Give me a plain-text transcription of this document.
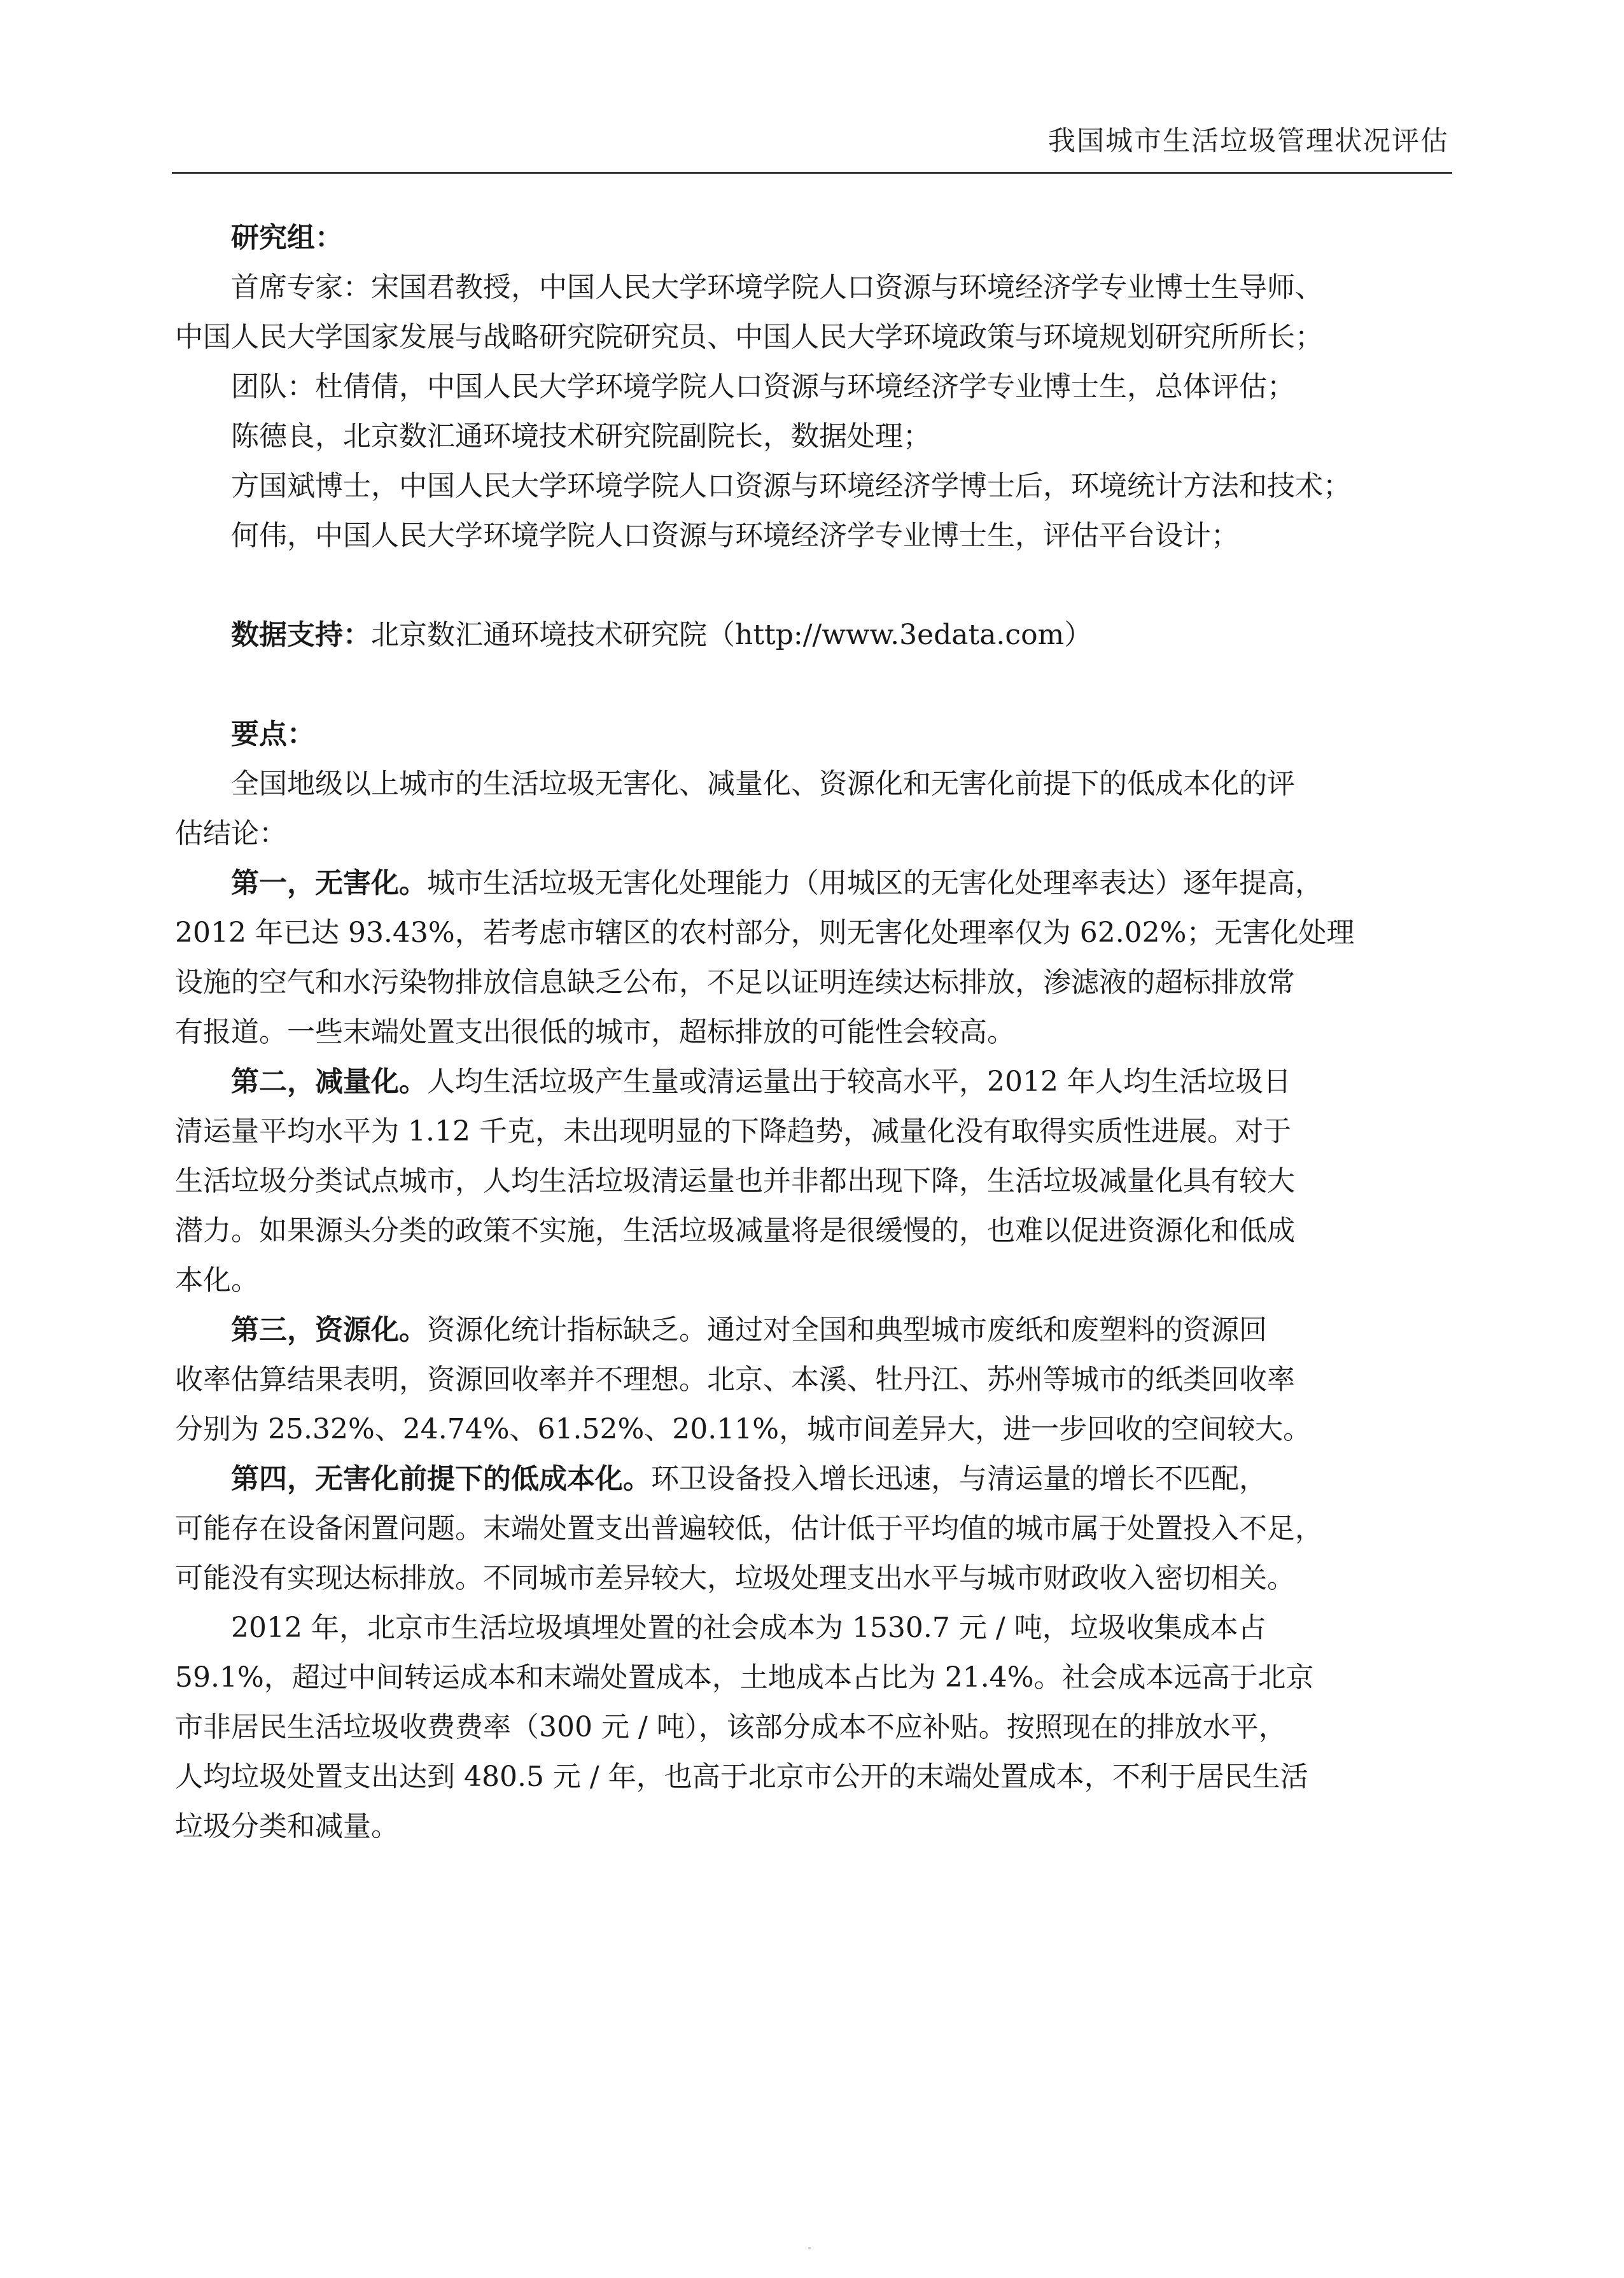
我国城市生活垃圾管理状况评估
研究组：
首席专家：宋国君教授，中国人民大学环境学院人口资源与环境经济学专业博士生导师、
中国人民大学国家发展与战略研究院研究员、中国人民大学环境政策与环境规划研究所所长；
团队：杜倩倩，中国人民大学环境学院人口资源与环境经济学专业博士生，总体评估；
陈德良，北京数汇通环境技术研究院副院长，数据处理；
方国斌博士，中国人民大学环境学院人口资源与环境经济学博士后，环境统计方法和技术；
何伟，中国人民大学环境学院人口资源与环境经济学专业博士生，评估平台设计；
数据支持：北京数汇通环境技术研究院（http://www.3edata.com）
要点：
全国地级以上城市的生活垃圾无害化、减量化、资源化和无害化前提下的低成本化的评
估结论：
第一，无害化。城市生活垃圾无害化处理能力（用城区的无害化处理率表达）逐年提高，
2012 年已达 93.43%，若考虑市辖区的农村部分，则无害化处理率仅为 62.02%；无害化处理
设施的空气和水污染物排放信息缺乏公布，不足以证明连续达标排放，渗滤液的超标排放常
有报道。一些末端处置支出很低的城市，超标排放的可能性会较高。
第二，减量化。人均生活垃圾产生量或清运量出于较高水平，2012 年人均生活垃圾日
清运量平均水平为 1.12 千克，未出现明显的下降趋势，减量化没有取得实质性进展。对于
生活垃圾分类试点城市，人均生活垃圾清运量也并非都出现下降，生活垃圾减量化具有较大
潜力。如果源头分类的政策不实施，生活垃圾减量将是很缓慢的，也难以促进资源化和低成
本化。
第三，资源化。资源化统计指标缺乏。通过对全国和典型城市废纸和废塑料的资源回
收率估算结果表明，资源回收率并不理想。北京、本溪、牡丹江、苏州等城市的纸类回收率
分别为 25.32%、24.74%、61.52%、20.11%，城市间差异大，进一步回收的空间较大。
第四，无害化前提下的低成本化。环卫设备投入增长迅速，与清运量的增长不匹配，
可能存在设备闲置问题。末端处置支出普遍较低，估计低于平均值的城市属于处置投入不足，
可能没有实现达标排放。不同城市差异较大，垃圾处理支出水平与城市财政收入密切相关。
2012 年，北京市生活垃圾填埋处置的社会成本为 1530.7 元 / 吨，垃圾收集成本占
59.1%，超过中间转运成本和末端处置成本，土地成本占比为 21.4%。社会成本远高于北京
市非居民生活垃圾收费费率（300 元 / 吨），该部分成本不应补贴。按照现在的排放水平，
人均垃圾处置支出达到 480.5 元 / 年，也高于北京市公开的末端处置成本，不利于居民生活
垃圾分类和减量。
